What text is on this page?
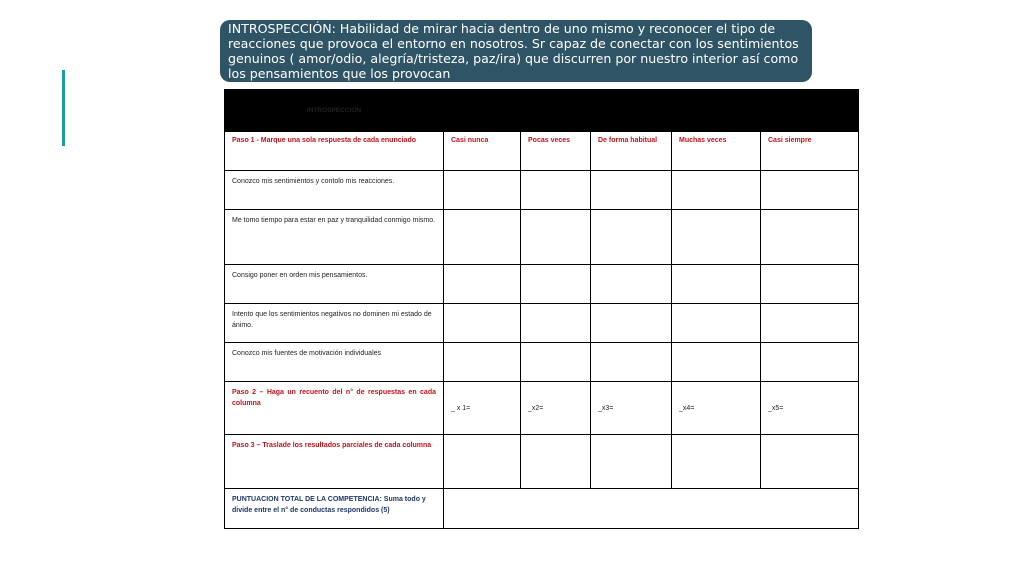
INTROSPECCIÓN: Habilidad de mirar hacia dentro de uno mismo y reconocer el tipo de reacciones que provoca el entorno en nosotros. Sr capaz de conectar con los sentimientos genuinos ( amor/odio, alegría/tristeza, paz/ira) que discurren por nuestro interior así como los pensamientos que los provocan
INTROSPECCION					
Paso 1 - Marque una sola respuesta de cada enunciado	Casi nunca	Pocas veces	De forma habitual	Muchas veces	Casi siempre
Conozco mis sentimientos y contolo mis reacciones.					
Me tomo tiempo para estar en paz y tranquilidad conmigo mismo.					
Consigo poner en orden mis pensamientos.					
Intento que los sentimientos negativos no dominen mi estado de ánimo.					
Conozco mis fuentes de motivación individuales					
Paso 2 – Haga un recuento del n° de respuestas en cada columna	_ x 1=	_x2=	_x3=	_x4=	_x5=
Paso 3 – Traslade los resultados parciales de cada columna					
PUNTUACION TOTAL DE LA COMPETENCIA: Suma todo y divide entre el n° de conductas respondidos (5)					
